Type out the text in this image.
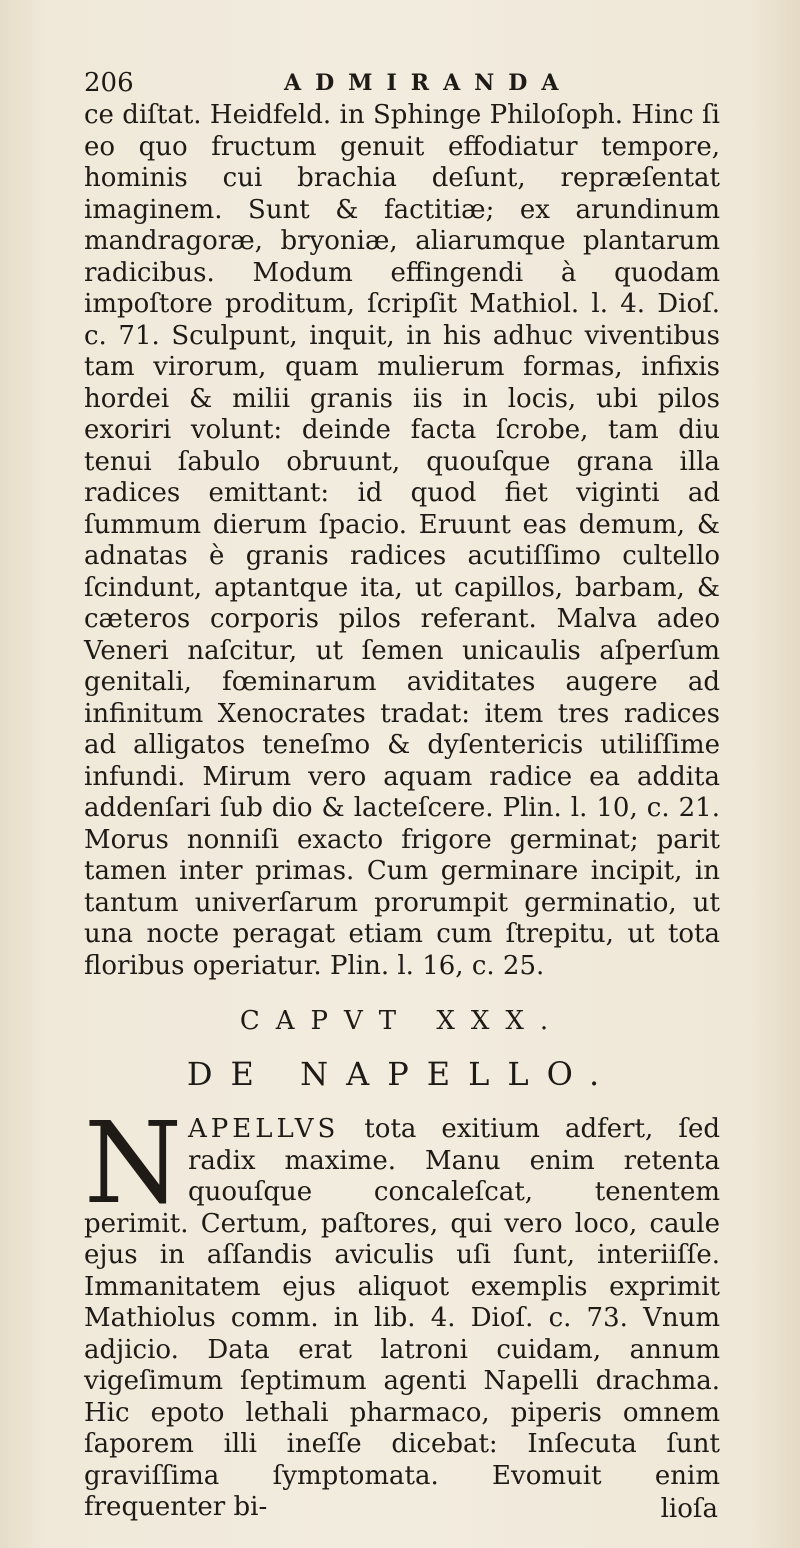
206	ADMIRANDA

ce diſtat. Heidfeld. in Sphinge Philoſoph. Hinc ſi eo quo fructum genuit effodiatur tempore, hominis cui brachia deſunt, repræſentat imaginem. Sunt & factitiæ; ex arundinum mandragoræ, bryoniæ, aliarumque plantarum radicibus. Modum effingendi à quodam impoſtore proditum, ſcripſit Mathiol. l. 4. Dioſ. c. 71. Sculpunt, inquit, in his adhuc viventibus tam virorum, quam mulierum formas, infixis hordei & milii granis iis in locis, ubi pilos exoriri volunt: deinde facta ſcrobe, tam diu tenui ſabulo obruunt, quouſque grana illa radices emittant: id quod fiet viginti ad ſummum dierum ſpacio. Eruunt eas demum, & adnatas è granis radices acutiſſimo cultello ſcindunt, aptantque ita, ut capillos, barbam, & cæteros corporis pilos referant. Malva adeo Veneri naſcitur, ut ſemen unicaulis aſperſum genitali, fœminarum aviditates augere ad infinitum Xenocrates tradat: item tres radices ad alligatos teneſmo & dyſentericis utiliſſime infundi. Mirum vero aquam radice ea addita addenſari ſub dio & lacteſcere. Plin. l. 10, c. 21. Morus nonniſi exacto frigore germinat; parit tamen inter primas. Cum germinare incipit, in tantum univerſarum prorumpit germinatio, ut una nocte peragat etiam cum ſtrepitu, ut tota floribus operiatur. Plin. l. 16, c. 25.

CAPVT XXX.
DE NAPELLO.
N APELLVS tota exitium adfert, ſed radix maxime. Manu enim retenta quouſque concaleſcat, tenentem perimit. Certum, paſtores, qui vero loco, caule ejus in aſſandis aviculis uſi ſunt, interiiſſe. Immanitatem ejus aliquot exemplis exprimit Mathiolus comm. in lib. 4. Dioſ. c. 73. Vnum adjicio. Data erat latroni cuidam, annum vigeſimum ſeptimum agenti Napelli drachma. Hic epoto lethali pharmaco, piperis omnem ſaporem illi ineſſe dicebat: Inſecuta ſunt graviſſima ſymptomata. Evomuit enim frequenter bi-	lioſa
